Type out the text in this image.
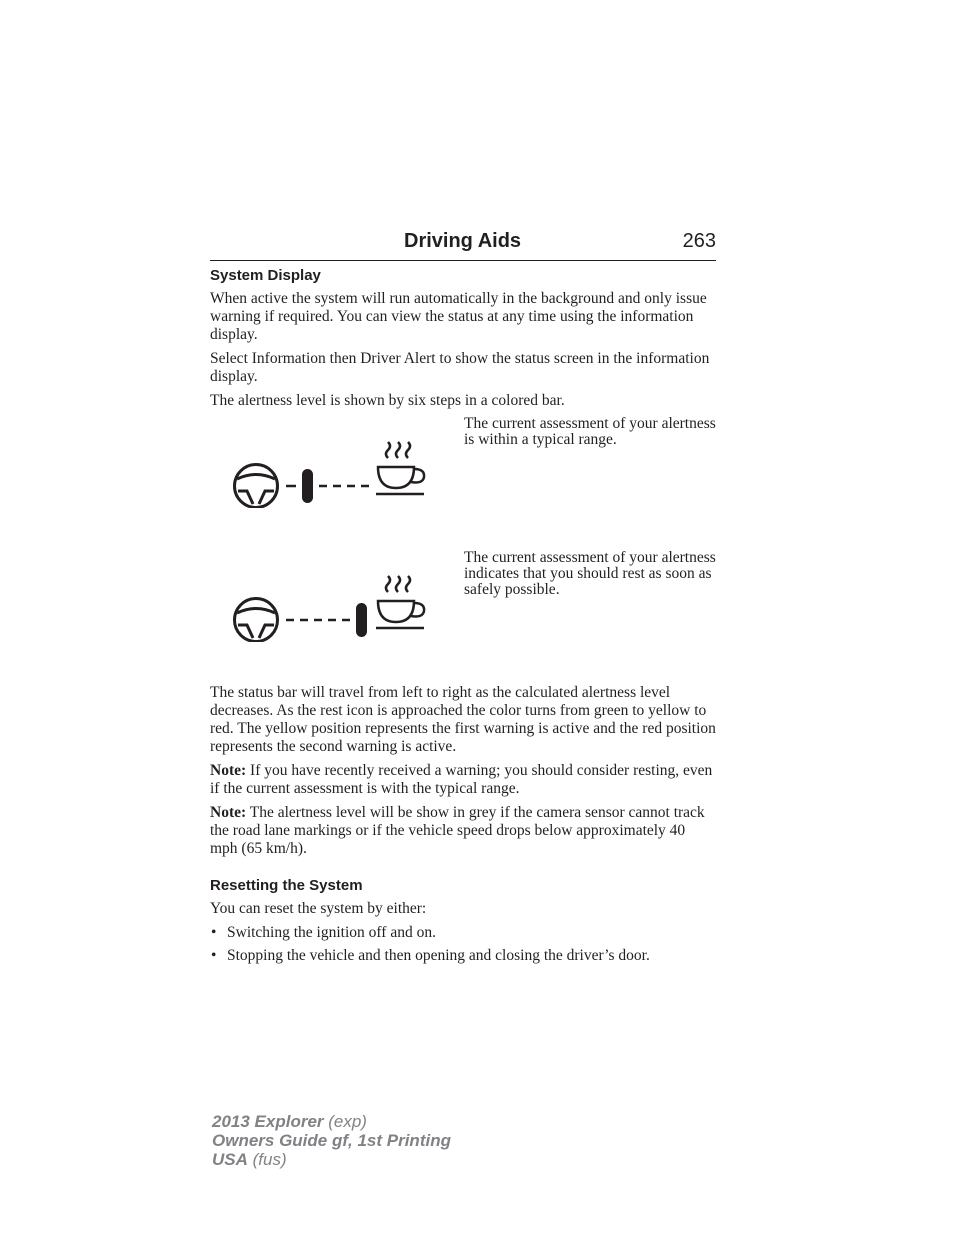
Driving Aids	263
System Display

When active the system will run automatically in the background and only issue warning if required. You can view the status at any time using the information display.

Select Information then Driver Alert to show the status screen in the information display.

The alertness level is shown by six steps in a colored bar.

The current assessment of your alertness is within a typical range.
The current assessment of your alertness indicates that you should rest as soon as safely possible.

The status bar will travel from left to right as the calculated alertness level decreases. As the rest icon is approached the color turns from green to yellow to red. The yellow position represents the first warning is active and the red position represents the second warning is active.

Note: If you have recently received a warning; you should consider resting, even if the current assessment is with the typical range.

Note: The alertness level will be show in grey if the camera sensor cannot track the road lane markings or if the vehicle speed drops below approximately 40 mph (65 km/h).

Resetting the System

You can reset the system by either:

• Switching the ignition off and on.
• Stopping the vehicle and then opening and closing the driver’s door.
2013 Explorer (exp)
Owners Guide gf, 1st Printing
USA (fus)
